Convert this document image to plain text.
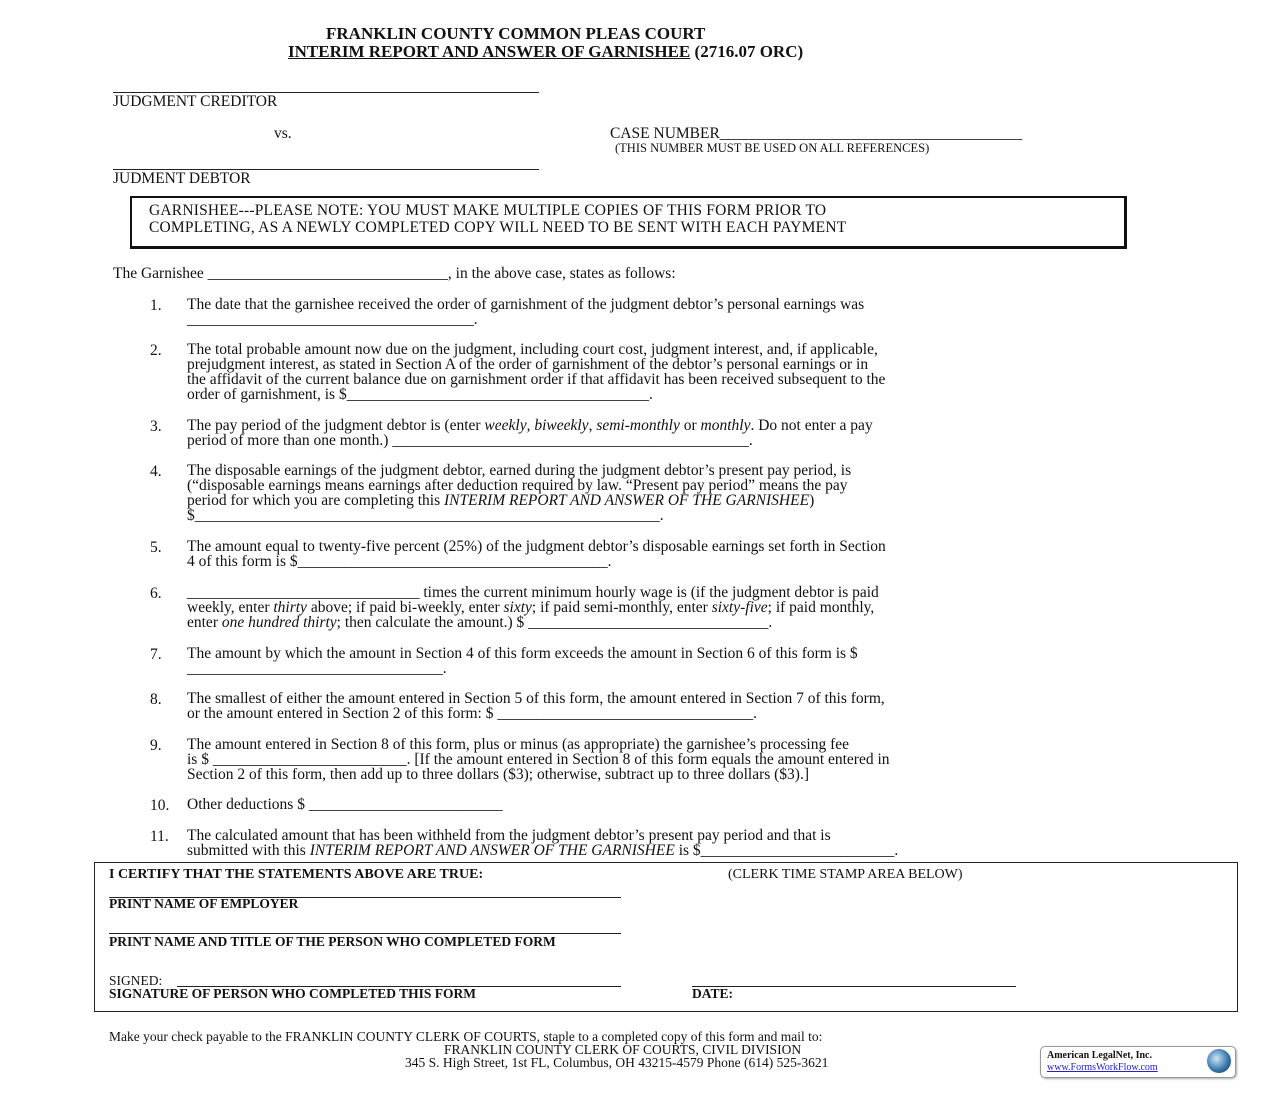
FRANKLIN COUNTY COMMON PLEAS COURT
INTERIM REPORT AND ANSWER OF GARNISHEE (2716.07 ORC)
JUDGMENT CREDITOR
vs.	CASE NUMBER_______________________________________
(THIS NUMBER MUST BE USED ON ALL REFERENCES)
JUDMENT DEBTOR
GARNISHEE---PLEASE NOTE: YOU MUST MAKE MULTIPLE COPIES OF THIS FORM PRIOR TO
COMPLETING, AS A NEWLY COMPLETED COPY WILL NEED TO BE SENT WITH EACH PAYMENT
The Garnishee _______________________________, in the above case, states as follows:
1. The date that the garnishee received the order of garnishment of the judgment debtor’s personal earnings was
_____________________________________.
2. The total probable amount now due on the judgment, including court cost, judgment interest, and, if applicable,
prejudgment interest, as stated in Section A of the order of garnishment of the debtor’s personal earnings or in
the affidavit of the current balance due on garnishment order if that affidavit has been received subsequent to the
order of garnishment, is $_______________________________________.
3. The pay period of the judgment debtor is (enter weekly, biweekly, semi-monthly or monthly. Do not enter a pay
period of more than one month.) ______________________________________________.
4. The disposable earnings of the judgment debtor, earned during the judgment debtor’s present pay period, is
(“disposable earnings means earnings after deduction required by law. “Present pay period” means the pay
period for which you are completing this INTERIM REPORT AND ANSWER OF THE GARNISHEE)
$____________________________________________________________.
5. The amount equal to twenty-five percent (25%) of the judgment debtor’s disposable earnings set forth in Section
4 of this form is $________________________________________.
6. ______________________________ times the current minimum hourly wage is (if the judgment debtor is paid
weekly, enter thirty above; if paid bi-weekly, enter sixty; if paid semi-monthly, enter sixty-five; if paid monthly,
enter one hundred thirty; then calculate the amount.) $ _______________________________.
7. The amount by which the amount in Section 4 of this form exceeds the amount in Section 6 of this form is $
_________________________________.
8. The smallest of either the amount entered in Section 5 of this form, the amount entered in Section 7 of this form,
or the amount entered in Section 2 of this form: $ _________________________________.
9. The amount entered in Section 8 of this form, plus or minus (as appropriate) the garnishee’s processing fee
is $ _________________________. [If the amount entered in Section 8 of this form equals the amount entered in
Section 2 of this form, then add up to three dollars ($3); otherwise, subtract up to three dollars ($3).]
10. Other deductions $ _________________________
11. The calculated amount that has been withheld from the judgment debtor’s present pay period and that is
submitted with this INTERIM REPORT AND ANSWER OF THE GARNISHEE is $_________________________.
I CERTIFY THAT THE STATEMENTS ABOVE ARE TRUE:	(CLERK TIME STAMP AREA BELOW)
PRINT NAME OF EMPLOYER
PRINT NAME AND TITLE OF THE PERSON WHO COMPLETED FORM
SIGNED:
SIGNATURE OF PERSON WHO COMPLETED THIS FORM	DATE:
Make your check payable to the FRANKLIN COUNTY CLERK OF COURTS, staple to a completed copy of this form and mail to:
FRANKLIN COUNTY CLERK OF COURTS, CIVIL DIVISION
345 S. High Street, 1st FL, Columbus, OH 43215-4579 Phone (614) 525-3621	American LegalNet, Inc.
www.FormsWorkFlow.com
